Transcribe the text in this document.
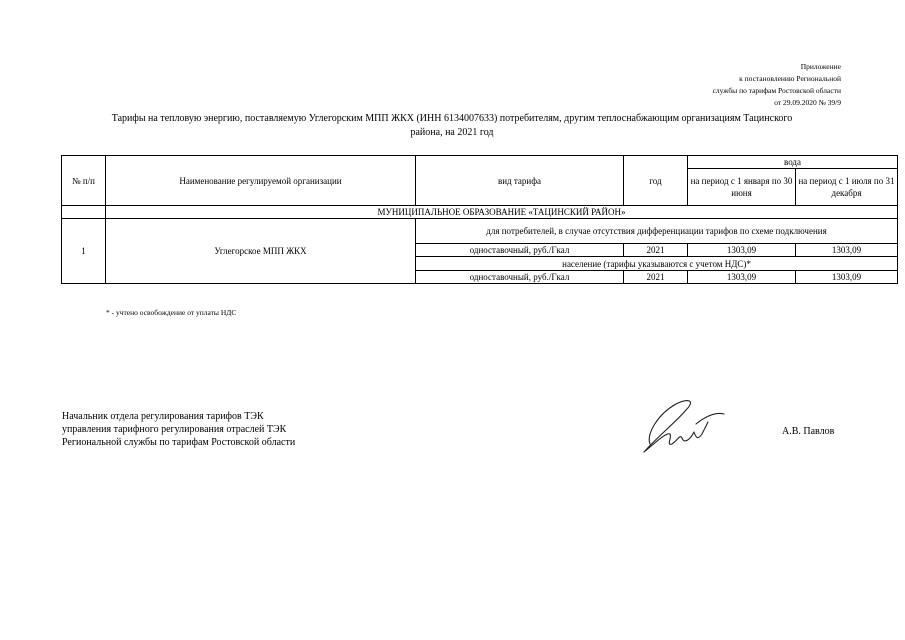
Приложение
к постановлению Региональной
службы по тарифам Ростовской области
от 29.09.2020 № 39/9
Тарифы на тепловую энергию, поставляемую Углегорским МПП ЖКХ (ИНН 6134007633) потребителям, другим теплоснабжающим организациям Тацинского
района, на 2021 год
№ п/п	Наименование регулируемой организации	вид тарифа	год	вода	
				на период с 1 января по 30 июня	на период с 1 июля по 31 декабря
	МУНИЦИПАЛЬНОЕ ОБРАЗОВАНИЕ «ТАЦИНСКИЙ РАЙОН»				
1	Углегорское МПП ЖКХ	для потребителей, в случае отсутствия дифференциации тарифов по схеме подключения			
		одноставочный, руб./Гкал	2021	1303,09	1303,09
		население (тарифы указываются с учетом НДС)*			
		одноставочный, руб./Гкал	2021	1303,09	1303,09
* - учтено освобождение от уплаты НДС
Начальник отдела регулирования тарифов ТЭК
управления тарифного регулирования отраслей ТЭК
Региональной службы по тарифам Ростовской области
А.В. Павлов
